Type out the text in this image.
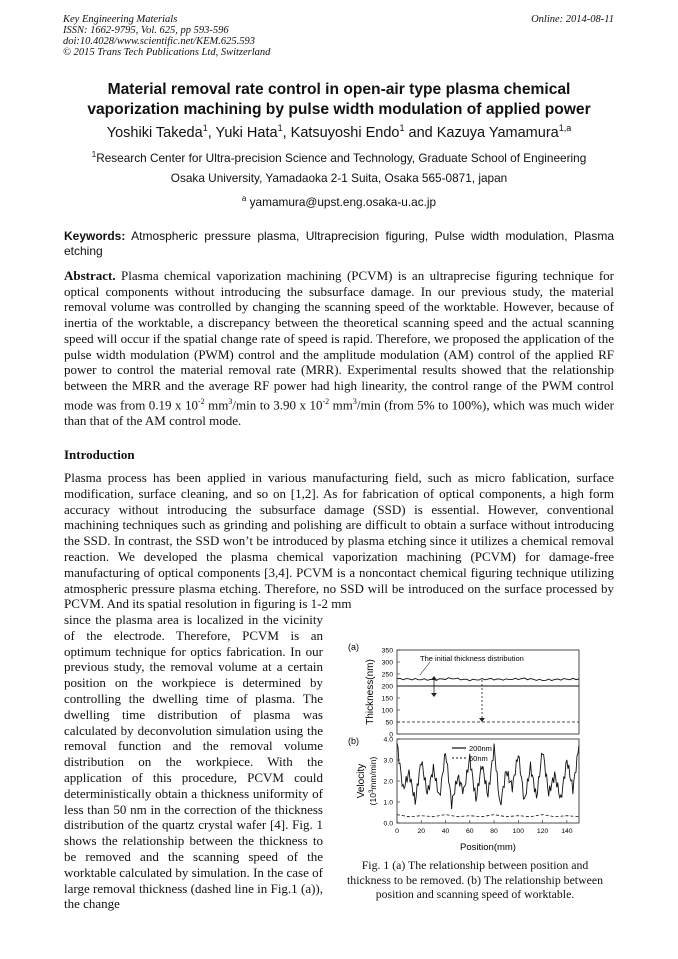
Key Engineering Materials
ISSN: 1662-9795, Vol. 625, pp 593-596
doi:10.4028/www.scientific.net/KEM.625.593
© 2015 Trans Tech Publications Ltd, Switzerland
Online: 2014-08-11
Material removal rate control in open-air type plasma chemical
vaporization machining by pulse width modulation of applied power
Yoshiki Takeda$^1$, Yuki Hata$^1$, Katsuyoshi Endo$^1$ and Kazuya Yamamura$^{1,a}$
$^1$Research Center for Ultra-precision Science and Technology, Graduate School of Engineering
Osaka University, Yamadaoka 2-1 Suita, Osaka 565-0871, japan
$^a$ yamamura@upst.eng.osaka-u.ac.jp
Keywords: Atmospheric pressure plasma, Ultraprecision figuring, Pulse width modulation, Plasma etching
Abstract. Plasma chemical vaporization machining (PCVM) is an ultraprecise figuring technique for optical components without introducing the subsurface damage. In our previous study, the material removal volume was controlled by changing the scanning speed of the worktable. However, because of inertia of the worktable, a discrepancy between the theoretical scanning speed and the actual scanning speed will occur if the spatial change rate of speed is rapid. Therefore, we proposed the application of the pulse width modulation (PWM) control and the amplitude modulation (AM) control of the applied RF power to control the material removal rate (MRR). Experimental results showed that the relationship between the MRR and the average RF power had high linearity, the control range of the PWM control mode was from 0.19 x $10^{-2}$ $mm^3/\min$ to 3.90 x $10^{-2}$ $mm^3/\min$ (from 5% to 100%), which was much wider than that of the AM control mode.
Introduction
Plasma process has been applied in various manufacturing field, such as micro fablication, surface modification, surface cleaning, and so on [1,2]. As for fabrication of optical components, a high form accuracy without introducing the subsurface damage (SSD) is essential. However, conventional machining techniques such as grinding and polishing are difficult to obtain a surface without introducing the SSD. In contrast, the SSD won’t be introduced by plasma etching since it utilizes a chemical removal reaction. We developed the plasma chemical vaporization machining (PCVM) for damage-free manufacturing of optical components [3,4]. PCVM is a noncontact chemical figuring technique utilizing atmospheric pressure plasma etching. Therefore, no SSD will be introduced on the surface processed by PCVM. And its spatial resolution in figuring is 1-2 mm
since the plasma area is localized in the vicinity of the electrode. Therefore, PCVM is an optimum technique for optics fabrication. In our previous study, the removal volume at a certain position on the workpiece is determined by controlling the dwelling time of plasma. The dwelling time distribution of plasma was calculated by deconvolution simulation using the removal function and the removal volume distribution on the workpiece. With the application of this procedure, PCVM could deterministically obtain a thickness uniformity of less than 50 nm in the correction of the thickness distribution of the quartz crystal wafer [4]. Fig. 1 shows the relationship between the thickness to be removed and the scanning speed of the worktable calculated by simulation. In the case of large removal thickness (dashed line in Fig.1 (a)), the change
(a)
(b)
Thickness(nm)
0
50
100
150
200
250
300
350
The initial thickness distribution
Velocity
$(10^3mm/\min)$
0.0
1.0
2.0
3.0
4.0
0	20 40 60 80 100 120 140
Position(mm)
200nm
50nm
Fig. 1 (a) The relationship between position and thickness to be removed. (b) The relationship between position and scanning speed of worktable.
